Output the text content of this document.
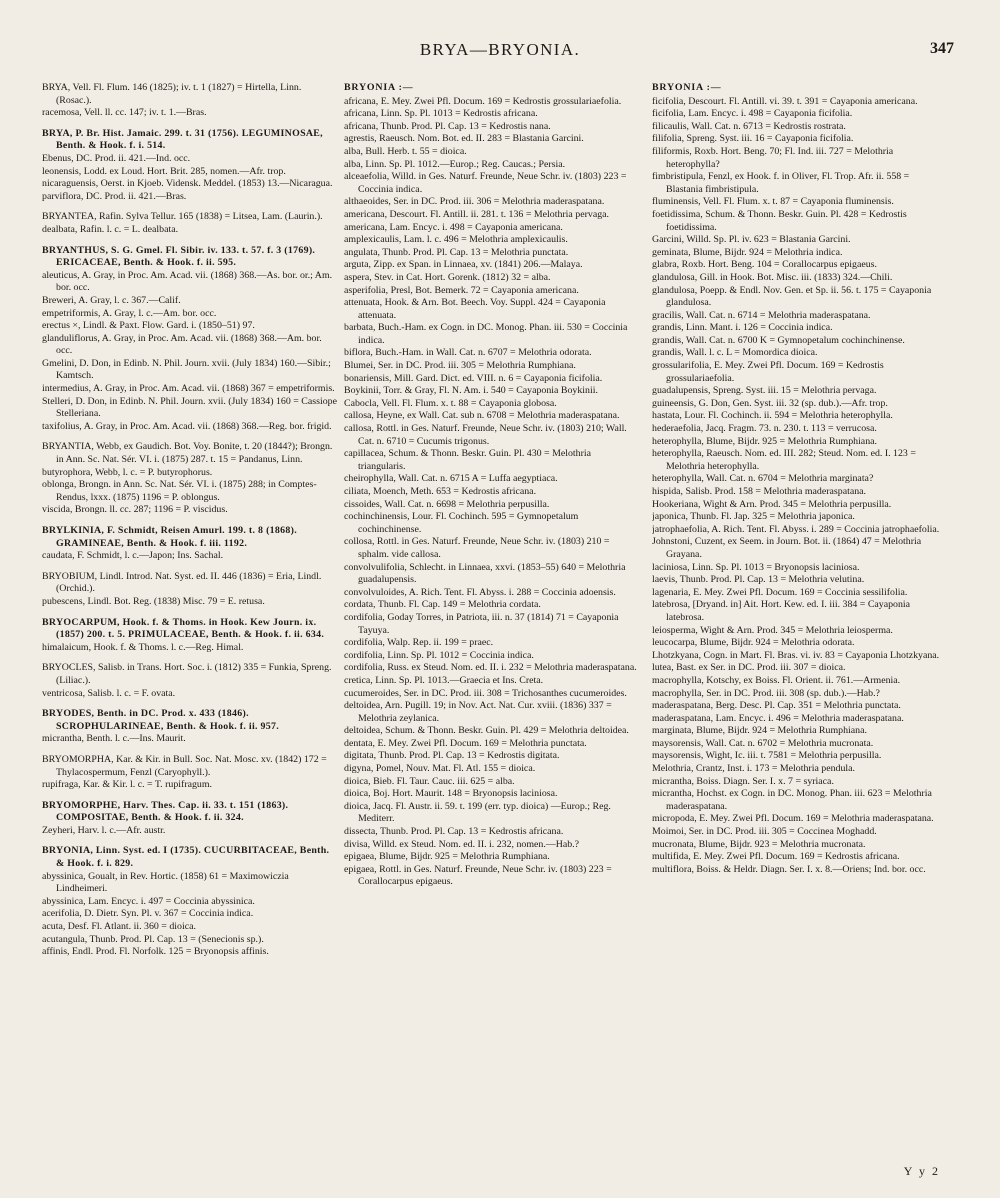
BRYA—BRYONIA.	347
BRYA, Vell. Fl. Flum. 146 (1825); iv. t. 1 (1827) = Hirtella, Linn. (Rosac.).
racemosa, Vell. ll. cc. 147; iv. t. 1.—Bras.
BRYA, P. Br. Hist. Jamaic. 299. t. 31 (1756). LEGUMINOSAE, Benth. & Hook. f. i. 514.
Ebenus, DC. Prod. ii. 421.—Ind. occ.
leonensis, Lodd. ex Loud. Hort. Brit. 285, nomen.—Afr. trop.
nicaraguensis, Oerst. in Kjoeb. Vidensk. Meddel. (1853) 13.—Nicaragua.
parviflora, DC. Prod. ii. 421.—Bras.
BRYANTEA, Rafin. Sylva Tellur. 165 (1838) = Litsea, Lam. (Laurin.).
dealbata, Rafin. l. c. = L. dealbata.
BRYANTHUS, S. G. Gmel. Fl. Sibir. iv. 133. t. 57. f. 3 (1769). ERICACEAE, Benth. & Hook. f. ii. 595.
aleuticus, A. Gray, in Proc. Am. Acad. vii. (1868) 368.—As. bor. or.; Am. bor. occ.
Breweri, A. Gray, l. c. 367.—Calif.
empetriformis, A. Gray, l. c.—Am. bor. occ.
erectus ×, Lindl. & Paxt. Flow. Gard. i. (1850–51) 97.
glanduliflorus, A. Gray, in Proc. Am. Acad. vii. (1868) 368.—Am. bor. occ.
Gmelini, D. Don, in Edinb. N. Phil. Journ. xvii. (July 1834) 160.—Sibir.; Kamtsch.
intermedius, A. Gray, in Proc. Am. Acad. vii. (1868) 367 = empetriformis.
Stelleri, D. Don, in Edinb. N. Phil. Journ. xvii. (July 1834) 160 = Cassiope Stelleriana.
taxifolius, A. Gray, in Proc. Am. Acad. vii. (1868) 368.—Reg. bor. frigid.
BRYANTIA, Webb, ex Gaudich. Bot. Voy. Bonite, t. 20 (1844?); Brongn. in Ann. Sc. Nat. Sér. VI. i. (1875) 287. t. 15 = Pandanus, Linn.
butyrophora, Webb, l. c. = P. butyrophorus.
oblonga, Brongn. in Ann. Sc. Nat. Sér. VI. i. (1875) 288; in Comptes-Rendus, lxxx. (1875) 1196 = P. oblongus.
viscida, Brongn. ll. cc. 287; 1196 = P. viscidus.
BRYLKINIA, F. Schmidt, Reisen Amurl. 199. t. 8 (1868). GRAMINEAE, Benth. & Hook. f. iii. 1192.
caudata, F. Schmidt, l. c.—Japon; Ins. Sachal.
BRYOBIUM, Lindl. Introd. Nat. Syst. ed. II. 446 (1836) = Eria, Lindl. (Orchid.).
pubescens, Lindl. Bot. Reg. (1838) Misc. 79 = E. retusa.
BRYOCARPUM, Hook. f. & Thoms. in Hook. Kew Journ. ix. (1857) 200. t. 5. PRIMULACEAE, Benth. & Hook. f. ii. 634.
himalaicum, Hook. f. & Thoms. l. c.—Reg. Himal.
BRYOCLES, Salisb. in Trans. Hort. Soc. i. (1812) 335 = Funkia, Spreng. (Liliac.).
ventricosa, Salisb. l. c. = F. ovata.
BRYODES, Benth. in DC. Prod. x. 433 (1846). SCROPHULARINEAE, Benth. & Hook. f. ii. 957.
micrantha, Benth. l. c.—Ins. Maurit.
BRYOMORPHA, Kar. & Kir. in Bull. Soc. Nat. Mosc. xv. (1842) 172 = Thylacospermum, Fenzl (Caryophyll.).
rupifraga, Kar. & Kir. l. c. = T. rupifragum.
BRYOMORPHE, Harv. Thes. Cap. ii. 33. t. 151 (1863). COMPOSITAE, Benth. & Hook. f. ii. 324.
Zeyheri, Harv. l. c.—Afr. austr.
BRYONIA, Linn. Syst. ed. I (1735). CUCURBITACEAE, Benth. & Hook. f. i. 829.
abyssinica, Goualt, in Rev. Hortic. (1858) 61 = Maximowiczia Lindheimeri.
abyssinica, Lam. Encyc. i. 497 = Coccinia abyssinica.
acerifolia, D. Dietr. Syn. Pl. v. 367 = Coccinia indica.
acuta, Desf. Fl. Atlant. ii. 360 = dioica.
acutangula, Thunb. Prod. Pl. Cap. 13 = (Senecionis sp.).
affinis, Endl. Prod. Fl. Norfolk. 125 = Bryonopsis affinis.
BRYONIA :—
africana, E. Mey. Zwei Pfl. Docum. 169 = Kedrostis grossulariaefolia.
africana, Linn. Sp. Pl. 1013 = Kedrostis africana.
africana, Thunb. Prod. Pl. Cap. 13 = Kedrostis nana.
agrestis, Raeusch. Nom. Bot. ed. II. 283 = Blastania Garcini.
alba, Bull. Herb. t. 55 = dioica.
alba, Linn. Sp. Pl. 1012.—Europ.; Reg. Caucas.; Persia.
alceaefolia, Willd. in Ges. Naturf. Freunde, Neue Schr. iv. (1803) 223 = Coccinia indica.
althaeoides, Ser. in DC. Prod. iii. 306 = Melothria maderaspatana.
americana, Descourt. Fl. Antill. ii. 281. t. 136 = Melothria pervaga.
americana, Lam. Encyc. i. 498 = Cayaponia americana.
amplexicaulis, Lam. l. c. 496 = Melothria amplexicaulis.
angulata, Thunb. Prod. Pl. Cap. 13 = Melothria punctata.
arguta, Zipp. ex Span. in Linnaea, xv. (1841) 206.—Malaya.
aspera, Stev. in Cat. Hort. Gorenk. (1812) 32 = alba.
asperifolia, Presl, Bot. Bemerk. 72 = Cayaponia americana.
attenuata, Hook. & Arn. Bot. Beech. Voy. Suppl. 424 = Cayaponia attenuata.
barbata, Buch.-Ham. ex Cogn. in DC. Monog. Phan. iii. 530 = Coccinia indica.
biflora, Buch.-Ham. in Wall. Cat. n. 6707 = Melothria odorata.
Blumei, Ser. in DC. Prod. iii. 305 = Melothria Rumphiana.
bonariensis, Mill. Gard. Dict. ed. VIII. n. 6 = Cayaponia ficifolia.
Boykinii, Torr. & Gray, Fl. N. Am. i. 540 = Cayaponia Boykinii.
Cabocla, Vell. Fl. Flum. x. t. 88 = Cayaponia globosa.
callosa, Heyne, ex Wall. Cat. sub n. 6708 = Melothria maderaspatana.
callosa, Rottl. in Ges. Naturf. Freunde, Neue Schr. iv. (1803) 210; Wall. Cat. n. 6710 = Cucumis trigonus.
capillacea, Schum. & Thonn. Beskr. Guin. Pl. 430 = Melothria triangularis.
cheirophylla, Wall. Cat. n. 6715 A = Luffa aegyptiaca.
ciliata, Moench, Meth. 653 = Kedrostis africana.
cissoides, Wall. Cat. n. 6698 = Melothria perpusilla.
cochinchinensis, Lour. Fl. Cochinch. 595 = Gymnopetalum cochinchinense.
collosa, Rottl. in Ges. Naturf. Freunde, Neue Schr. iv. (1803) 210 = sphalm. vide callosa.
convolvulifolia, Schlecht. in Linnaea, xxvi. (1853–55) 640 = Melothria guadalupensis.
convolvuloides, A. Rich. Tent. Fl. Abyss. i. 288 = Coccinia adoensis.
cordata, Thunb. Fl. Cap. 149 = Melothria cordata.
cordifolia, Goday Torres, in Patriota, iii. n. 37 (1814) 71 = Cayaponia Tayuya.
cordifolia, Walp. Rep. ii. 199 = praec.
cordifolia, Linn. Sp. Pl. 1012 = Coccinia indica.
cordifolia, Russ. ex Steud. Nom. ed. II. i. 232 = Melothria maderaspatana.
cretica, Linn. Sp. Pl. 1013.—Graecia et Ins. Creta.
cucumeroides, Ser. in DC. Prod. iii. 308 = Trichosanthes cucumeroides.
deltoidea, Arn. Pugill. 19; in Nov. Act. Nat. Cur. xviii. (1836) 337 = Melothria zeylanica.
deltoidea, Schum. & Thonn. Beskr. Guin. Pl. 429 = Melothria deltoidea.
dentata, E. Mey. Zwei Pfl. Docum. 169 = Melothria punctata.
digitata, Thunb. Prod. Pl. Cap. 13 = Kedrostis digitata.
digyna, Pomel, Nouv. Mat. Fl. Atl. 155 = dioica.
dioica, Bieb. Fl. Taur. Cauc. iii. 625 = alba.
dioica, Boj. Hort. Maurit. 148 = Bryonopsis laciniosa.
dioica, Jacq. Fl. Austr. ii. 59. t. 199 (err. typ. dioica) —Europ.; Reg. Mediterr.
dissecta, Thunb. Prod. Pl. Cap. 13 = Kedrostis africana.
divisa, Willd. ex Steud. Nom. ed. II. i. 232, nomen.—Hab.?
epigaea, Blume, Bijdr. 925 = Melothria Rumphiana.
epigaea, Rottl. in Ges. Naturf. Freunde, Neue Schr. iv. (1803) 223 = Corallocarpus epigaeus.
BRYONIA :—
ficifolia, Descourt. Fl. Antill. vi. 39. t. 391 = Cayaponia americana.
ficifolia, Lam. Encyc. i. 498 = Cayaponia ficifolia.
filicaulis, Wall. Cat. n. 6713 = Kedrostis rostrata.
filifolia, Spreng. Syst. iii. 16 = Cayaponia ficifolia.
filiformis, Roxb. Hort. Beng. 70; Fl. Ind. iii. 727 = Melothria heterophylla?
fimbristipula, Fenzl, ex Hook. f. in Oliver, Fl. Trop. Afr. ii. 558 = Blastania fimbristipula.
fluminensis, Vell. Fl. Flum. x. t. 87 = Cayaponia fluminensis.
foetidissima, Schum. & Thonn. Beskr. Guin. Pl. 428 = Kedrostis foetidissima.
Garcini, Willd. Sp. Pl. iv. 623 = Blastania Garcini.
geminata, Blume, Bijdr. 924 = Melothria indica.
glabra, Roxb. Hort. Beng. 104 = Corallocarpus epigaeus.
glandulosa, Gill. in Hook. Bot. Misc. iii. (1833) 324.—Chili.
glandulosa, Poepp. & Endl. Nov. Gen. et Sp. ii. 56. t. 175 = Cayaponia glandulosa.
gracilis, Wall. Cat. n. 6714 = Melothria maderaspatana.
grandis, Linn. Mant. i. 126 = Coccinia indica.
grandis, Wall. Cat. n. 6700 K = Gymnopetalum cochinchinense.
grandis, Wall. l. c. L = Momordica dioica.
grossularifolia, E. Mey. Zwei Pfl. Docum. 169 = Kedrostis grossulariaefolia.
guadalupensis, Spreng. Syst. iii. 15 = Melothria pervaga.
guineensis, G. Don, Gen. Syst. iii. 32 (sp. dub.).—Afr. trop.
hastata, Lour. Fl. Cochinch. ii. 594 = Melothria heterophylla.
hederaefolia, Jacq. Fragm. 73. n. 230. t. 113 = verrucosa.
heterophylla, Blume, Bijdr. 925 = Melothria Rumphiana.
heterophylla, Raeusch. Nom. ed. III. 282; Steud. Nom. ed. I. 123 = Melothria heterophylla.
heterophylla, Wall. Cat. n. 6704 = Melothria marginata?
hispida, Salisb. Prod. 158 = Melothria maderaspatana.
Hookeriana, Wight & Arn. Prod. 345 = Melothria perpusilla.
japonica, Thunb. Fl. Jap. 325 = Melothria japonica.
jatrophaefolia, A. Rich. Tent. Fl. Abyss. i. 289 = Coccinia jatrophaefolia.
Johnstoni, Cuzent, ex Seem. in Journ. Bot. ii. (1864) 47 = Melothria Grayana.
laciniosa, Linn. Sp. Pl. 1013 = Bryonopsis laciniosa.
laevis, Thunb. Prod. Pl. Cap. 13 = Melothria velutina.
lagenaria, E. Mey. Zwei Pfl. Docum. 169 = Coccinia sessilifolia.
latebrosa, [Dryand. in] Ait. Hort. Kew. ed. I. iii. 384 = Cayaponia latebrosa.
leiosperma, Wight & Arn. Prod. 345 = Melothria leiosperma.
leucocarpa, Blume, Bijdr. 924 = Melothria odorata.
Lhotzkyana, Cogn. in Mart. Fl. Bras. vi. iv. 83 = Cayaponia Lhotzkyana.
lutea, Bast. ex Ser. in DC. Prod. iii. 307 = dioica.
macrophylla, Kotschy, ex Boiss. Fl. Orient. ii. 761.—Armenia.
macrophylla, Ser. in DC. Prod. iii. 308 (sp. dub.).—Hab.?
maderaspatana, Berg. Desc. Pl. Cap. 351 = Melothria punctata.
maderaspatana, Lam. Encyc. i. 496 = Melothria maderaspatana.
marginata, Blume, Bijdr. 924 = Melothria Rumphiana.
maysorensis, Wall. Cat. n. 6702 = Melothria mucronata.
maysorensis, Wight, Ic. iii. t. 7581 = Melothria perpusilla.
Melothria, Crantz, Inst. i. 173 = Melothria pendula.
micrantha, Boiss. Diagn. Ser. I. x. 7 = syriaca.
micrantha, Hochst. ex Cogn. in DC. Monog. Phan. iii. 623 = Melothria maderaspatana.
micropoda, E. Mey. Zwei Pfl. Docum. 169 = Melothria maderaspatana.
Moimoi, Ser. in DC. Prod. iii. 305 = Coccinea Moghadd.
mucronata, Blume, Bijdr. 923 = Melothria mucronata.
multifida, E. Mey. Zwei Pfl. Docum. 169 = Kedrostis africana.
multiflora, Boiss. & Heldr. Diagn. Ser. I. x. 8.—Oriens; Ind. bor. occ.
Y y 2
